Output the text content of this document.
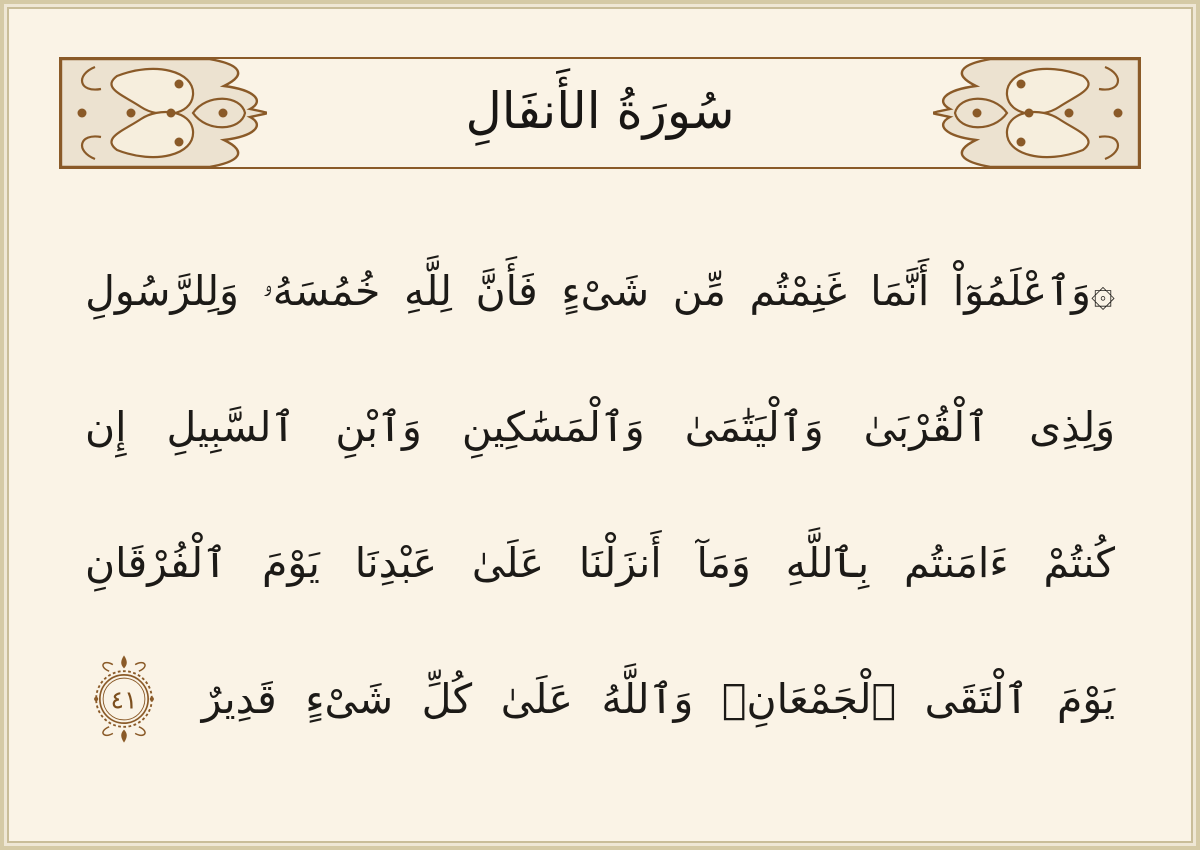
سُورَةُ الأَنفَالِ
۞وَٱعْلَمُوٓاْ
أَنَّمَا
غَنِمْتُم
مِّن
شَىْءٍ
فَأَنَّ
لِلَّهِ
خُمُسَهُۥ
وَلِلرَّسُولِ
وَلِذِى
ٱلْقُرْبَىٰ
وَٱلْيَتَٰمَىٰ
وَٱلْمَسَٰكِينِ
وَٱبْنِ
ٱلسَّبِيلِ
إِن
كُنتُمْ
ءَامَنتُم
بِٱللَّهِ
وَمَآ
أَنزَلْنَا
عَلَىٰ
عَبْدِنَا
يَوْمَ
ٱلْفُرْقَانِ
يَوْمَ
ٱلْتَقَى
ٱلْجَمْعَانِۗ
وَٱللَّهُ
عَلَىٰ
كُلِّ
شَىْءٍ
قَدِيرٌ
٤١
